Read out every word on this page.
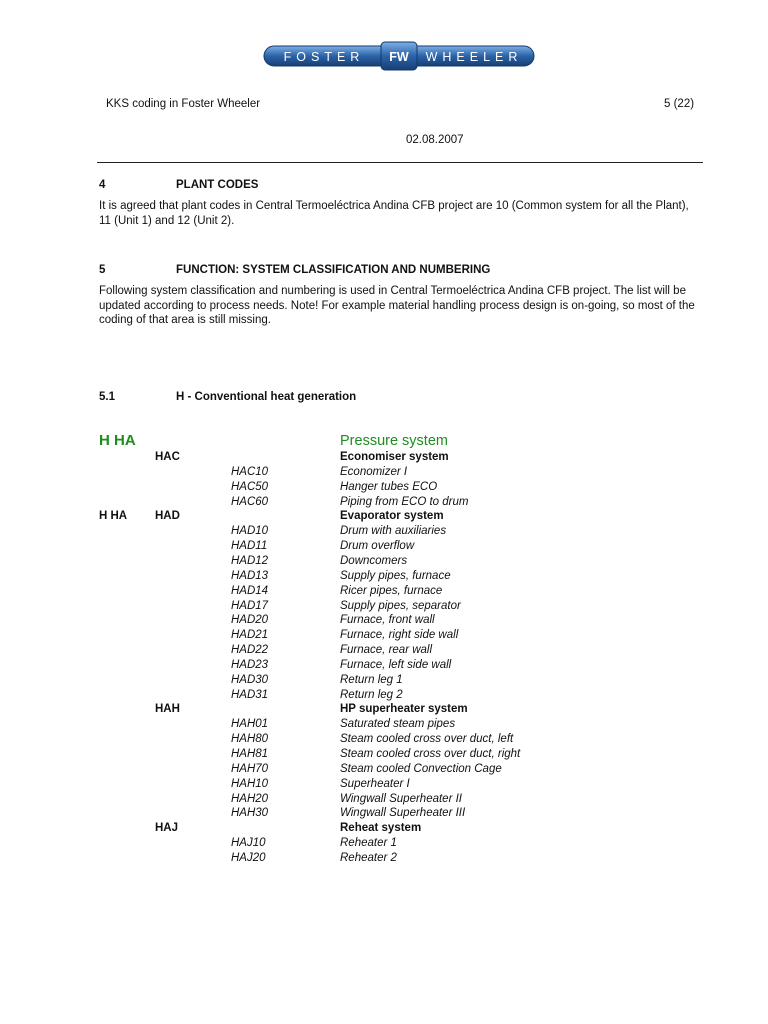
FOSTER FW WHEELER
KKS coding in Foster Wheeler	5 (22)
02.08.2007
4	PLANT CODES
It is agreed that plant codes in Central Termoeléctrica Andina CFB project are 10 (Common system for all the Plant), 11 (Unit 1) and 12 (Unit 2).
5	FUNCTION: SYSTEM CLASSIFICATION AND NUMBERING
Following system classification and numbering is used in Central Termoeléctrica Andina CFB project. The list will be updated according to process needs. Note! For example material handling process design is on-going, so most of the coding of that area is still missing.
5.1	H - Conventional heat generation
H HA	Pressure system
HAC	Economiser system
HAC10	Economizer I
HAC50	Hanger tubes ECO
HAC60	Piping from ECO to drum
H HA HAD	Evaporator system
HAD10	Drum with auxiliaries
HAD11	Drum overflow
HAD12	Downcomers
HAD13	Supply pipes, furnace
HAD14	Ricer pipes, furnace
HAD17	Supply pipes, separator
HAD20	Furnace, front wall
HAD21	Furnace, right side wall
HAD22	Furnace, rear wall
HAD23	Furnace, left side wall
HAD30	Return leg 1
HAD31	Return leg 2
HAH	HP superheater system
HAH01	Saturated steam pipes
HAH80	Steam cooled cross over duct, left
HAH81	Steam cooled cross over duct, right
HAH70	Steam cooled Convection Cage
HAH10	Superheater I
HAH20	Wingwall Superheater II
HAH30	Wingwall Superheater III
HAJ	Reheat system
HAJ10	Reheater 1
HAJ20	Reheater 2
